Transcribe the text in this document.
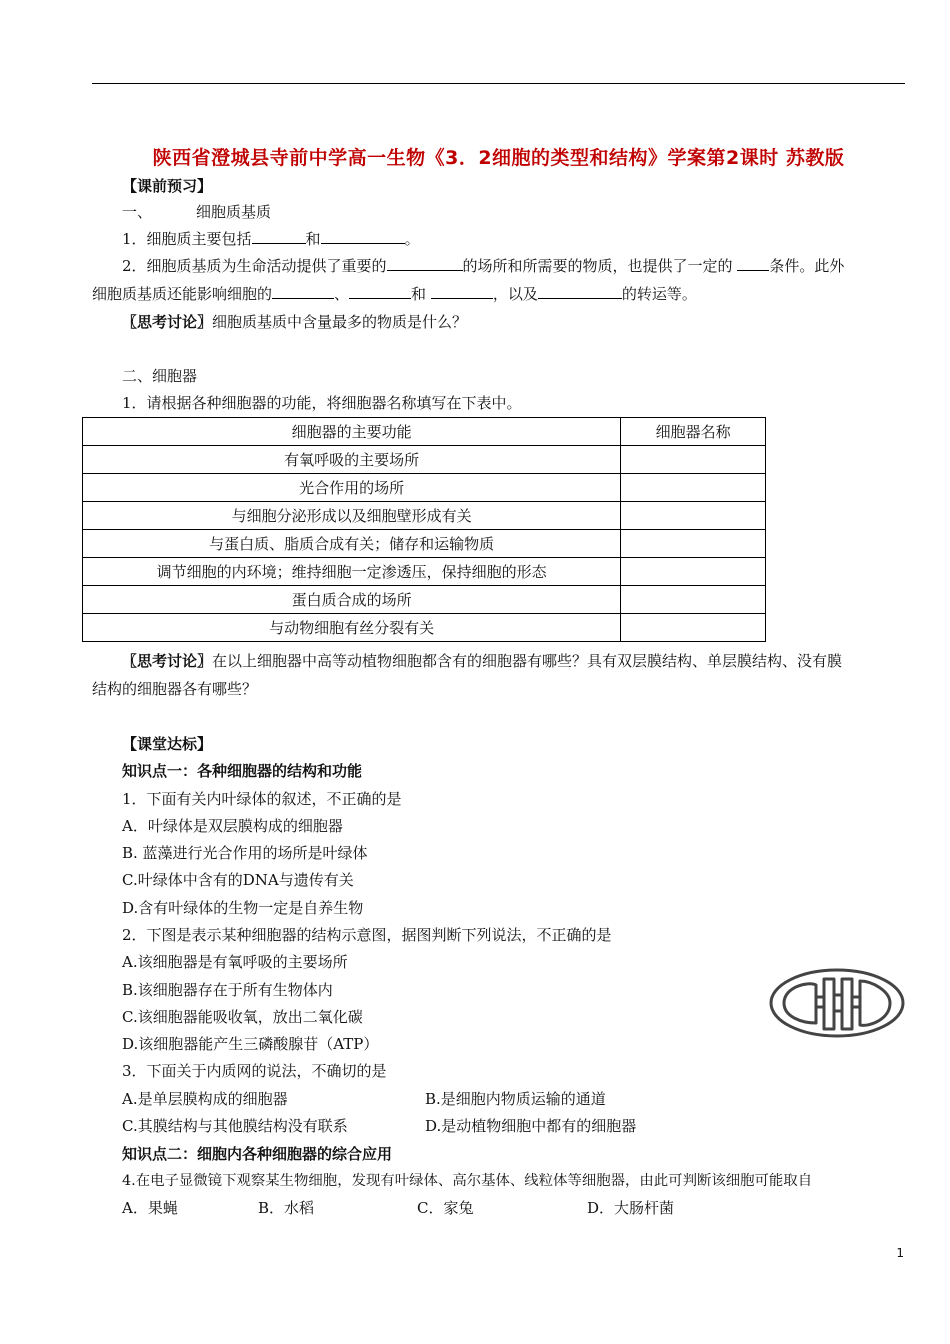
陕西省澄城县寺前中学高一生物《3．2细胞的类型和结构》学案第2课时 苏教版
【课前预习】
一、	细胞质基质
1．细胞质主要包括	和	。
2．细胞质基质为生命活动提供了重要的	的场所和所需要的物质，也提供了一定的 条件。此外
细胞质基质还能影响细胞的	、	和	，以及	的转运等。
〖思考讨论〗细胞质基质中含量最多的物质是什么？
二、细胞器
1．请根据各种细胞器的功能，将细胞器名称填写在下表中。
细胞器的主要功能	细胞器名称
有氧呼吸的主要场所	
光合作用的场所	
与细胞分泌形成以及细胞壁形成有关	
与蛋白质、脂质合成有关；储存和运输物质	
调节细胞的内环境；维持细胞一定渗透压，保持细胞的形态	
蛋白质合成的场所	
与动物细胞有丝分裂有关	
〖思考讨论〗在以上细胞器中高等动植物细胞都含有的细胞器有哪些？具有双层膜结构、单层膜结构、没有膜
结构的细胞器各有哪些？
【课堂达标】
知识点一：各种细胞器的结构和功能
1．下面有关内叶绿体的叙述，不正确的是
A．叶绿体是双层膜构成的细胞器
B. 蓝藻进行光合作用的场所是叶绿体
C.叶绿体中含有的DNA与遗传有关
D.含有叶绿体的生物一定是自养生物
2．下图是表示某种细胞器的结构示意图，据图判断下列说法，不正确的是
A.该细胞器是有氧呼吸的主要场所
B.该细胞器存在于所有生物体内
C.该细胞器能吸收氧，放出二氧化碳
D.该细胞器能产生三磷酸腺苷（ATP）
3．下面关于内质网的说法，不确切的是
A.是单层膜构成的细胞器	B.是细胞内物质运输的通道
C.其膜结构与其他膜结构没有联系	D.是动植物细胞中都有的细胞器
知识点二：细胞内各种细胞器的综合应用
4.在电子显微镜下观察某生物细胞，发现有叶绿体、高尔基体、线粒体等细胞器，由此可判断该细胞可能取自
A．果蝇	B．水稻	C．家兔	D．大肠杆菌
1
